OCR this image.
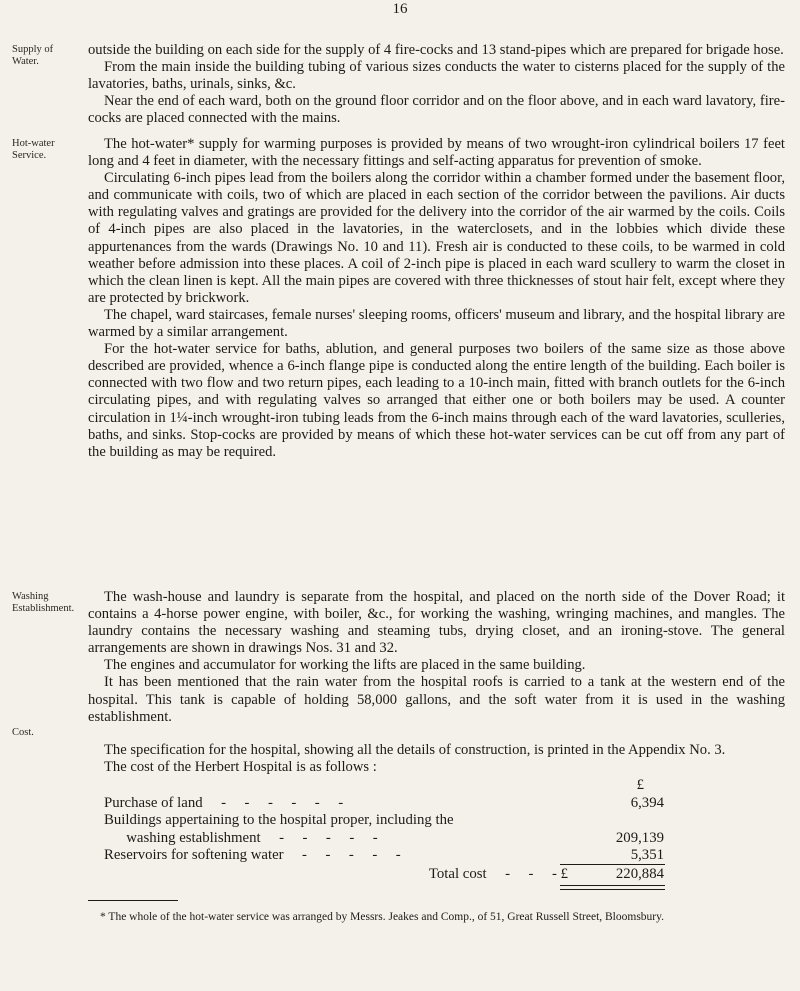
16
Supply of Water.
Hot-water Service.
Washing Establishment.
Cost.

outside the building on each side for the supply of 4 fire-cocks and 13 stand-pipes which are prepared for brigade hose.

From the main inside the building tubing of various sizes conducts the water to cisterns placed for the supply of the lavatories, baths, urinals, sinks, &c.

Near the end of each ward, both on the ground floor corridor and on the floor above, and in each ward lavatory, fire-cocks are placed connected with the mains.

The hot-water* supply for warming purposes is provided by means of two wrought-iron cylindrical boilers 17 feet long and 4 feet in diameter, with the necessary fittings and self-acting apparatus for prevention of smoke.

Circulating 6-inch pipes lead from the boilers along the corridor within a chamber formed under the basement floor, and communicate with coils, two of which are placed in each section of the corridor between the pavilions. Air ducts with regulating valves and gratings are provided for the delivery into the corridor of the air warmed by the coils. Coils of 4-inch pipes are also placed in the lavatories, in the waterclosets, and in the lobbies which divide these appurtenances from the wards (Drawings No. 10 and 11). Fresh air is conducted to these coils, to be warmed in cold weather before admission into these places. A coil of 2-inch pipe is placed in each ward scullery to warm the closet in which the clean linen is kept. All the main pipes are covered with three thicknesses of stout hair felt, except where they are protected by brickwork.

The chapel, ward staircases, female nurses' sleeping rooms, officers' museum and library, and the hospital library are warmed by a similar arrangement.

For the hot-water service for baths, ablution, and general purposes two boilers of the same size as those above described are provided, whence a 6-inch flange pipe is conducted along the entire length of the building. Each boiler is connected with two flow and two return pipes, each leading to a 10-inch main, fitted with branch outlets for the 6-inch circulating pipes, and with regulating valves so arranged that either one or both boilers may be used. A counter circulation in 1¼-inch wrought-iron tubing leads from the 6-inch mains through each of the ward lavatories, sculleries, baths, and sinks. Stop-cocks are provided by means of which these hot-water services can be cut off from any part of the building as may be required.

The wash-house and laundry is separate from the hospital, and placed on the north side of the Dover Road; it contains a 4-horse power engine, with boiler, &c., for working the washing, wringing machines, and mangles. The laundry contains the necessary washing and steaming tubs, drying closet, and an ironing-stove. The general arrangements are shown in drawings Nos. 31 and 32.

The engines and accumulator for working the lifts are placed in the same building.

It has been mentioned that the rain water from the hospital roofs is carried to a tank at the western end of the hospital. This tank is capable of holding 58,000 gallons, and the soft water from it is used in the washing establishment.

The specification for the hospital, showing all the details of construction, is printed in the Appendix No. 3.

The cost of the Herbert Hospital is as follows :

£
Purchase of land     -     -     -     -     -     -	6,394
Buildings appertaining to the hospital proper, including the
washing establishment     -     -     -     -     -	209,139
Reservoirs for softening water     -     -     -     -     -	5,351
Total cost     -     -     - £	220,884
* The whole of the hot-water service was arranged by Messrs. Jeakes and Comp., of 51, Great Russell Street, Bloomsbury.
